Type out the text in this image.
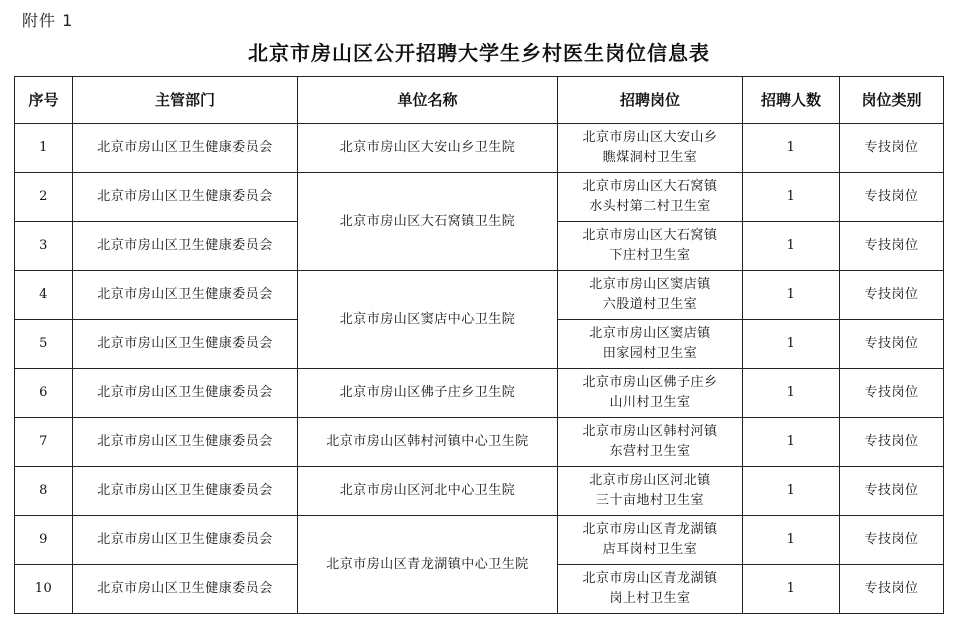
附件 1
北京市房山区公开招聘大学生乡村医生岗位信息表
序号	主管部门	单位名称	招聘岗位	招聘人数	岗位类别
1	北京市房山区卫生健康委员会	北京市房山区大安山乡卫生院	北京市房山区大安山乡
瞧煤洞村卫生室	1	专技岗位
2	北京市房山区卫生健康委员会	北京市房山区大石窝镇卫生院	北京市房山区大石窝镇
水头村第二村卫生室	1	专技岗位
3	北京市房山区卫生健康委员会		北京市房山区大石窝镇
下庄村卫生室	1	专技岗位
4	北京市房山区卫生健康委员会	北京市房山区窦店中心卫生院	北京市房山区窦店镇
六股道村卫生室	1	专技岗位
5	北京市房山区卫生健康委员会		北京市房山区窦店镇
田家园村卫生室	1	专技岗位
6	北京市房山区卫生健康委员会	北京市房山区佛子庄乡卫生院	北京市房山区佛子庄乡
山川村卫生室	1	专技岗位
7	北京市房山区卫生健康委员会	北京市房山区韩村河镇中心卫生院	北京市房山区韩村河镇
东营村卫生室	1	专技岗位
8	北京市房山区卫生健康委员会	北京市房山区河北中心卫生院	北京市房山区河北镇
三十亩地村卫生室	1	专技岗位
9	北京市房山区卫生健康委员会	北京市房山区青龙湖镇中心卫生院	北京市房山区青龙湖镇
店耳岗村卫生室	1	专技岗位
10	北京市房山区卫生健康委员会		北京市房山区青龙湖镇
岗上村卫生室	1	专技岗位
